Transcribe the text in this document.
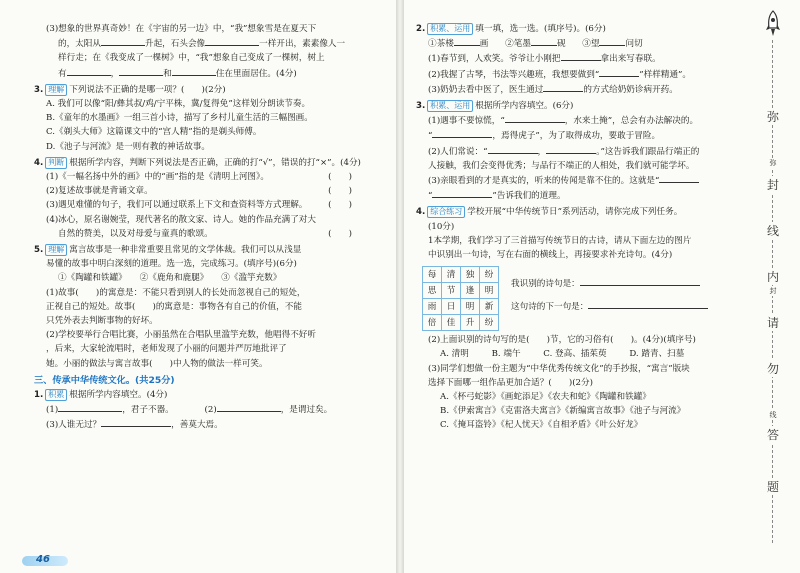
(3)想象的世界真奇妙！在《宇宙的另一边》中，“我”想象雪是在夏天下
的，太阳从	升起，石头会像	一样开出，素素像人一
样行走；在《我变成了一棵树》中，“我”想象自己变成了一棵树，树上
有	，	和	住在里面居住。(4分)
3. 理解 下列说法不正确的是哪一项？(　　)(2分)
A. 我们可以像“阳/彝其叔/鸡/宁平株，冀/复得免”这样划分朗读节奏。
B.《童年的水墨画》一组三首小诗，描写了乡村儿童生活的三幅图画。
C.《剃头大师》这篇课文中的“宫人精”指的是剃头师傅。
D.《池子与河流》是一则有教的神话故事。
4. 判断 根据所学内容，判断下列说法是否正确，正确的打“√”，错误的打“×”。(4分)
(1)《一幅名扬中外的画》中的“画”指的是《清明上河图》。	(　　)
(2)复述故事就是背诵文章。	(　　)
(3)遇见难懂的句子，我们可以通过联系上下文和查资料等方式理解。 (　　)
(4)冰心，原名谢婉莹，现代著名的散文家、诗人。她的作品充满了对大
自然的赞美，以及对母爱与童真的歌颂。	(　　)
5. 理解 寓言故事是一种非常重要且常见的文学体裁。我们可以从浅显
易懂的故事中明白深刻的道理。选一选，完成练习。(填序号)(6分)
①《陶罐和铁罐》　　②《鹿角和鹿腿》　　③《滥竽充数》
(1)故事(　　)的寓意是：不能只看到别人的长处而忽视自己的短处，
正视自己的短处。故事(　　)的寓意是：事物各有自己的价值，不能
只凭外表去判断事物的好坏。
(2)学校要举行合唱比赛，小丽虽然在合唱队里滥竽充数，他唱得不好听
，后来，大家轮流唱时，老师发现了小丽的问题并严厉地批评了
她。小丽的做法与寓言故事(　　)中人物的做法一样可笑。
三、传承中华传统文化。(共25分)
1. 积累 根据所学内容填空。(4分)
(1)	，君子不器。	(2)	，是谓过矣。
(3)人谁无过？	，善莫大焉。
46
2. 积累、运用 填一填，选一选。(填序号)。(6分)
①茶楼	画 ②笔墨	砚 ③望	问切
(1)春节到，人欢笑。爷爷让小刚把	拿出来写春联。
(2)我握了古琴，书法等兴趣班，我想要做到“	”样样精通”。
(3)奶奶去看中医了，医生通过	的方式给奶奶诊病开药。
3. 积累、运用 根据所学内容填空。(6分)
(1)遇事不要惊慌，“	，水来土掩”，总会有办法解决的。
“	，焉得虎子”，为了取得成功，要敢于冒险。
(2)人们常说：“	，	。”这告诉我们跟品行端正的
人接触，我们会变得优秀；与品行不端正的人相处，我们就可能学坏。
(3)亲眼看到的才是真实的，听来的传闻是靠不住的。这就是“
“	”告诉我们的道理。
4. 综合练习 学校开展“中华传统节日”系列活动，请你完成下列任务。
(10分)
1本学期，我们学习了三首描写传统节日的古诗，请从下面左边的图片
中识别出一句诗，写在右面的横线上，再接要求补充诗句。(4分)
每	清	独	纷
思	节	逢	明
雨	日	明	新
倍	佳	升	纷
我识别的诗句是：
这句诗的下一句是：
(2)上面识别的诗句写的是(　　)节，它的习俗有(　　)。(4分)(填序号)
A. 清明	B. 端午	C. 登高、插茱萸	D. 踏青、扫墓
(3)同学们想做一份主题为“中华优秀传统文化”的手抄报，“寓言”版块
选择下面哪一组作品更加合适？(　　)(2分)
A.《杯弓蛇影》《画蛇添足》《农夫和蛇》《陶罐和铁罐》
B.《伊索寓言》《克雷洛夫寓言》《新编寓言故事》《池子与河流》
C.《掩耳盗铃》《杞人忧天》《自相矛盾》《叶公好龙》
弥
弥
封
线
内
封
请
勿
线
答
题
